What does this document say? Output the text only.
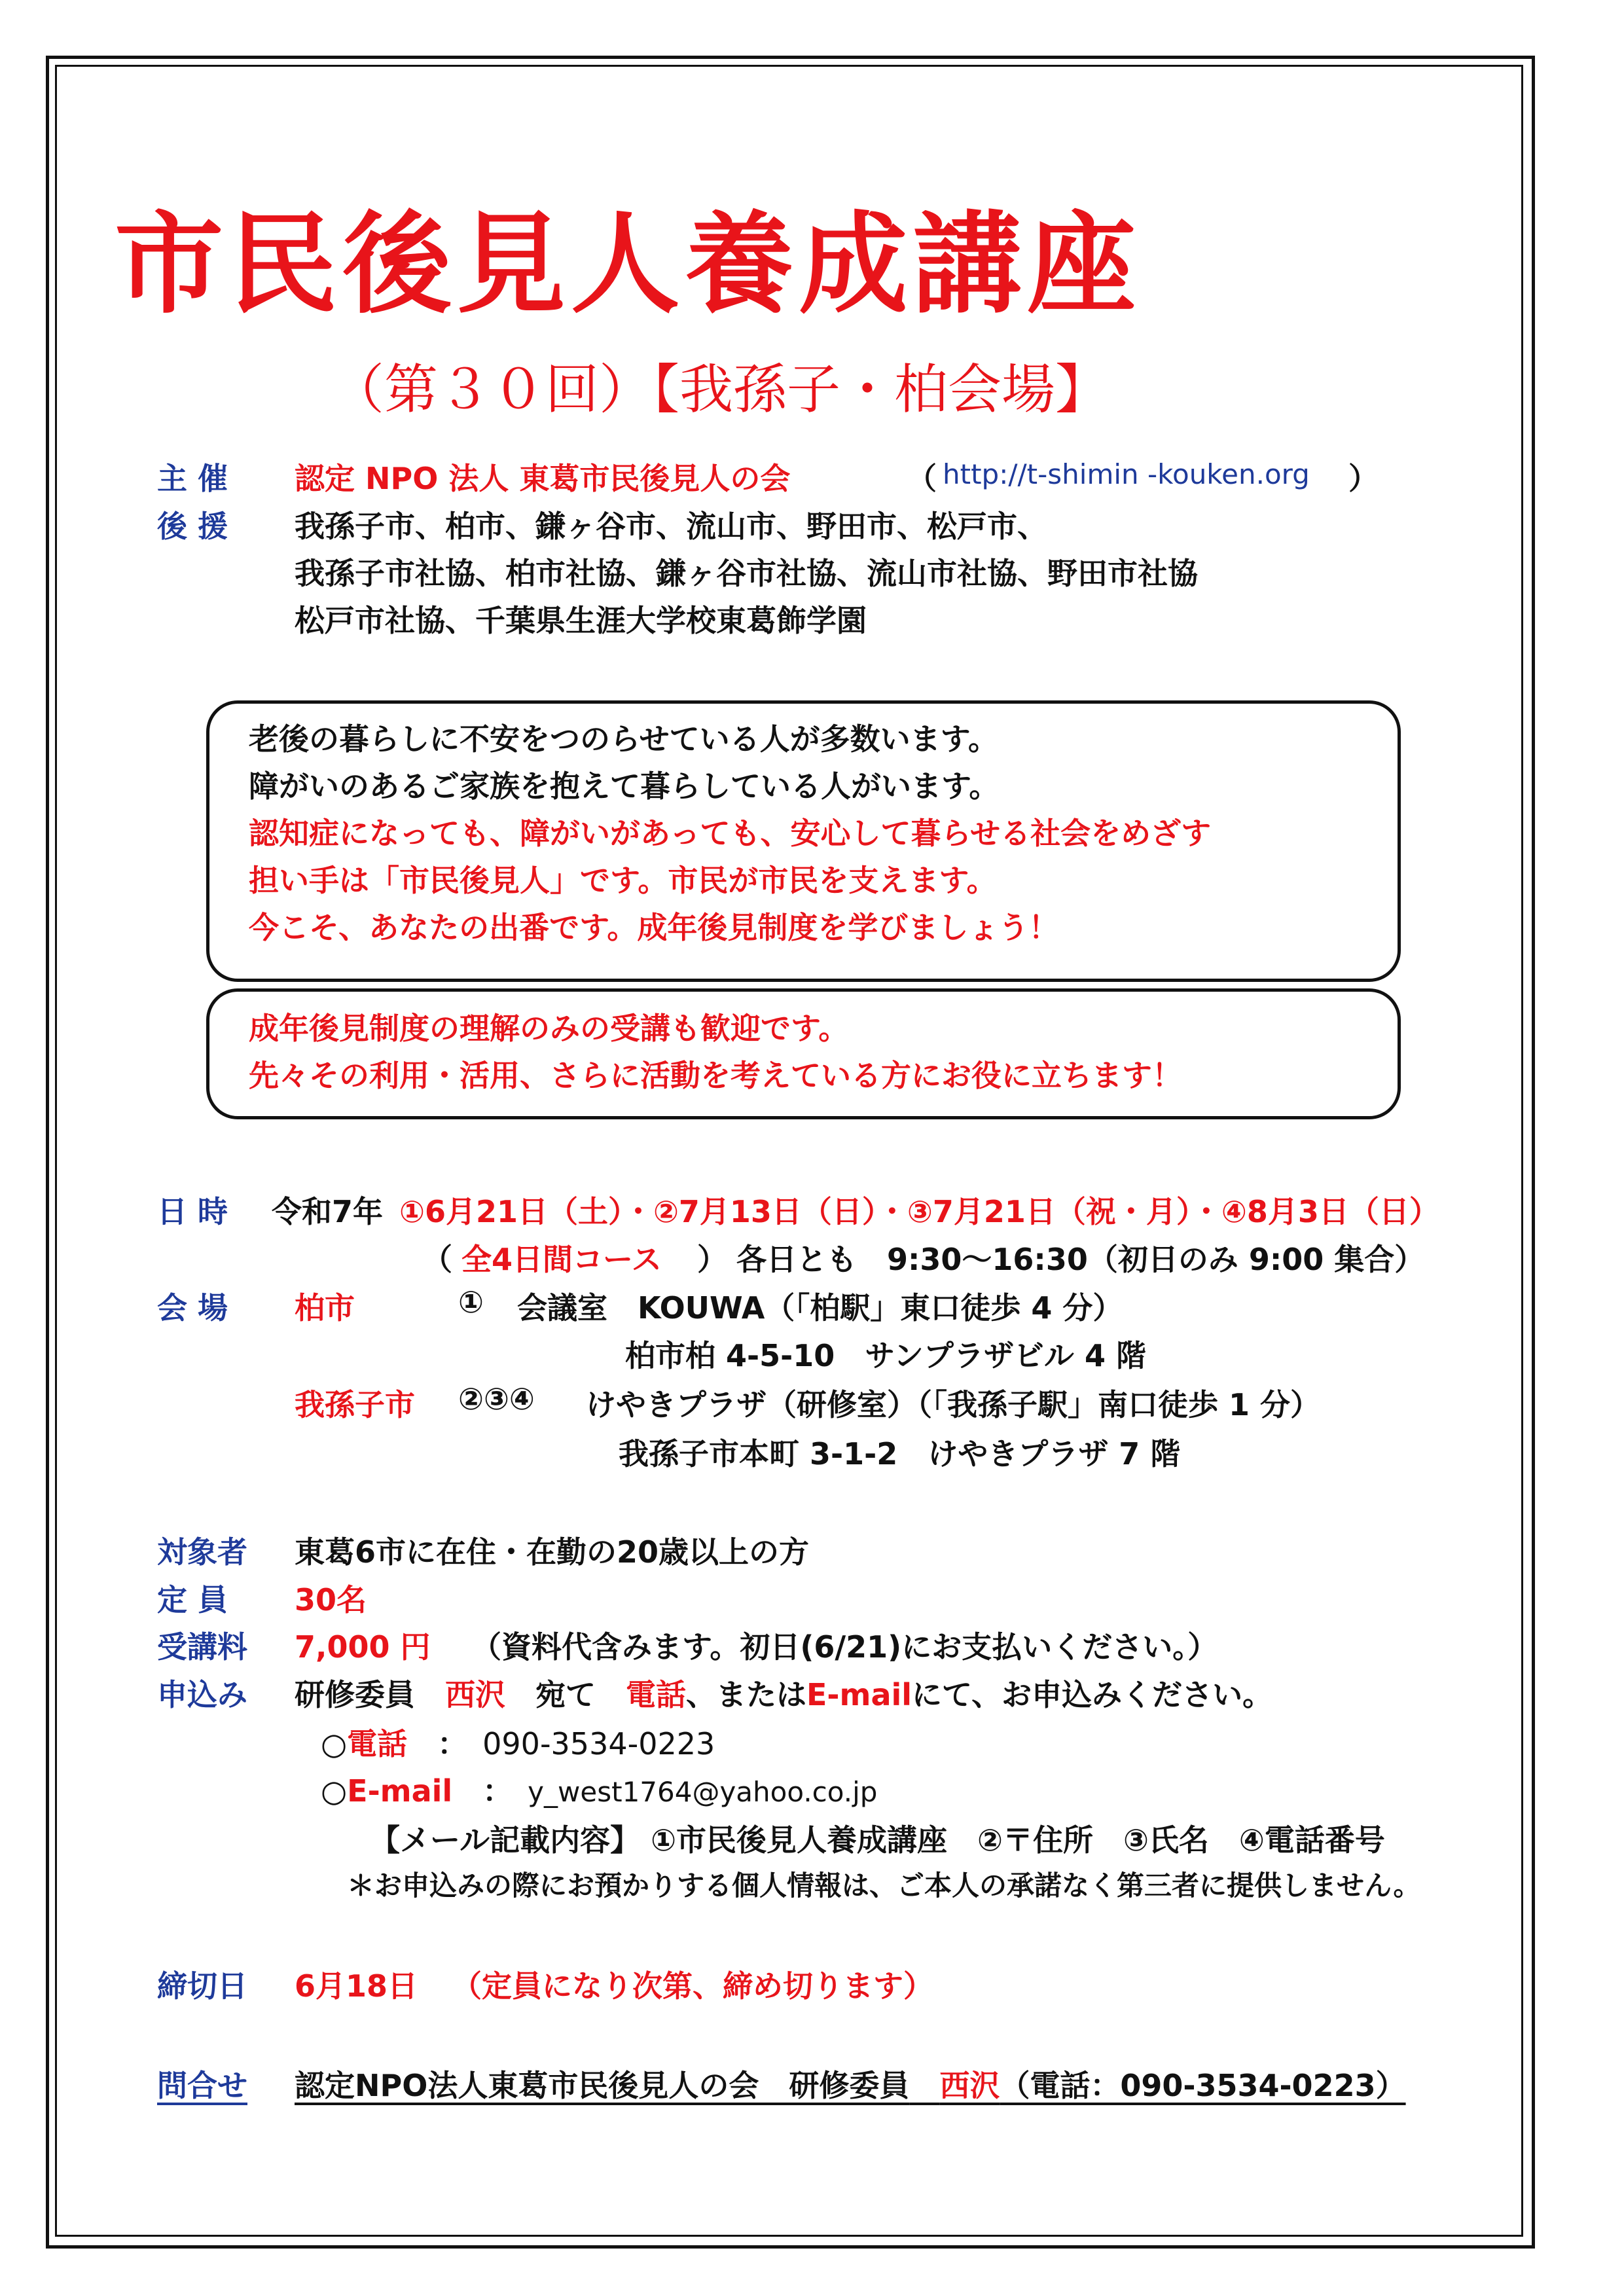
市民後見人養成講座
（第３０回）【我孫子・柏会場】
主 催 認定 NPO 法人 東葛市民後見人の会	（ http://t-shimin -kouken.org ）
後 援 我孫子市、柏市、鎌ヶ谷市、流山市、野田市、松戸市、
我孫子市社協、柏市社協、鎌ヶ谷市社協、流山市社協、野田市社協
松戸市社協、千葉県生涯大学校東葛飾学園
老後の暮らしに不安をつのらせている人が多数います。
障がいのあるご家族を抱えて暮らしている人がいます。
認知症になっても、障がいがあっても、安心して暮らせる社会をめざす
担い手は「市民後見人」です。市民が市民を支えます。
今こそ、あなたの出番です。成年後見制度を学びましょう！
成年後見制度の理解のみの受講も歓迎です。
先々その利用・活用、さらに活動を考えている方にお役に立ちます！
日 時 令和7年 ①6月21日（土）・②7月13日（日）・③7月21日（祝・月）・④8月3日（日）
（ 全4日間コース ） 各日とも　9:30〜16:30（初日のみ 9:00 集合）
会 場 柏市	① 会議室　KOUWA（「柏駅」東口徒歩 4 分）
柏市柏 4-5-10　サンプラザビル 4 階
我孫子市 ②③④ けやきプラザ（研修室）（「我孫子駅」南口徒歩 1 分）
我孫子市本町 3-1-2　けやきプラザ 7 階
対象者 東葛6市に在住・在勤の20歳以上の方
定 員 30名
受講料 7,000 円 （資料代含みます。初日(6/21)にお支払いください。）
申込み 研修委員　 西沢　 宛て　 電話、またはE-mailにて、お申込みください。
○電話　 ：　 090-3534-0223
○E-mail　 ：　 y_west1764@yahoo.co.jp
【メール記載内容】 ①市民後見人養成講座　②〒住所　③氏名　④電話番号
＊お申込みの際にお預かりする個人情報は、ご本人の承諾なく第三者に提供しません。
締切日 6月18日 （定員になり次第、締め切ります）
問合せ 認定NPO法人東葛市民後見人の会　研修委員　 西沢（電話：090-3534-0223）
